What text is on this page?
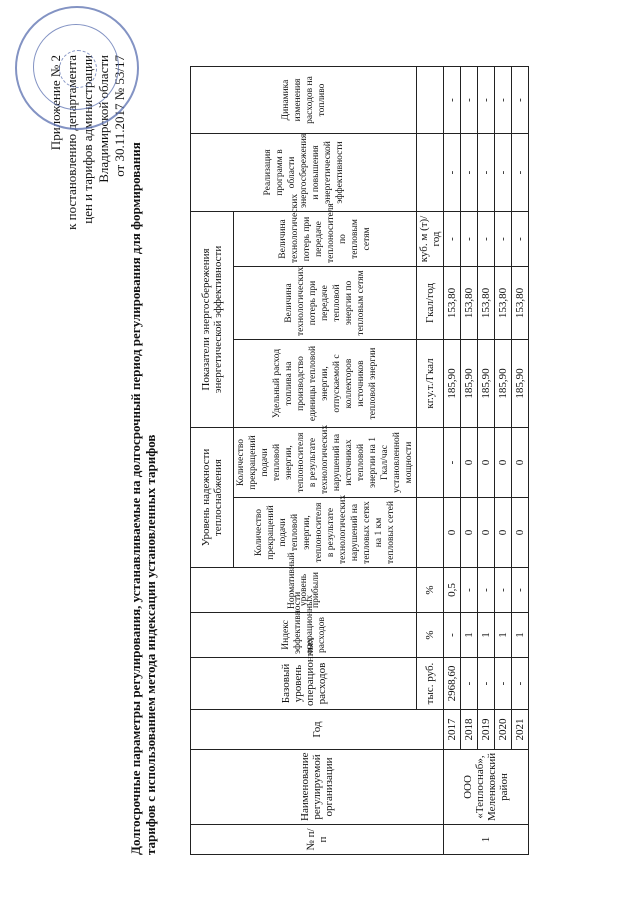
Приложение № 2 к постановлению департамента цен и тарифов администрации Владимирской области от 30.11.2017 № 53/17
Долгосрочные параметры регулирования, устанавливаемые на долгосрочный период регулирования для формирования тарифов с использованием метода индексации установленных тарифов	№ п/п	Наименование регулируемой организации	Год	Базовый уровень операционных расходов	Индекс эффективности операционных расходов	Нормативный уровень прибыли	Уровень надежности теплоснабжения		Показатели энергосбережения энергетической эффективности			Реализация программ в области энергосбережения и повышения энергетической эффективности	Динамика изменения расходов на топливо
						Количество прекращений подачи тепловой энергии, теплоносителя в результате технологических нарушений на тепловых сетях на 1 км тепловых сетей	Количество прекращений подачи тепловой энергии, теплоносителя в результате технологических нарушений на источниках тепловой энергии на 1 Гкал/час установленной мощности	Удельный расход топлива на производство единицы тепловой энергии, отпускаемой с коллекторов источников тепловой энергии	Величина технологических потерь при передаче тепловой энергии по тепловым сетям	Величина технологических потерь при передаче теплоносителя по тепловым сетям		
			тыс. руб.	%	%			кг.у.т./Гкал	Гкал/год	куб. м (т)/год		
1	ООО «Теплоснаб», Меленковский район	2017	2968,60	-	0,5	0	-	185,90	153,80	-	-	-
		2018	-	1	-	0	0	185,90	153,80	-	-	-
		2019	-	1	-	0	0	185,90	153,80	-	-	-
		2020	-	1	-	0	0	185,90	153,80	-	-	-
		2021	-	1	-	0	0	185,90	153,80	-	-	-
